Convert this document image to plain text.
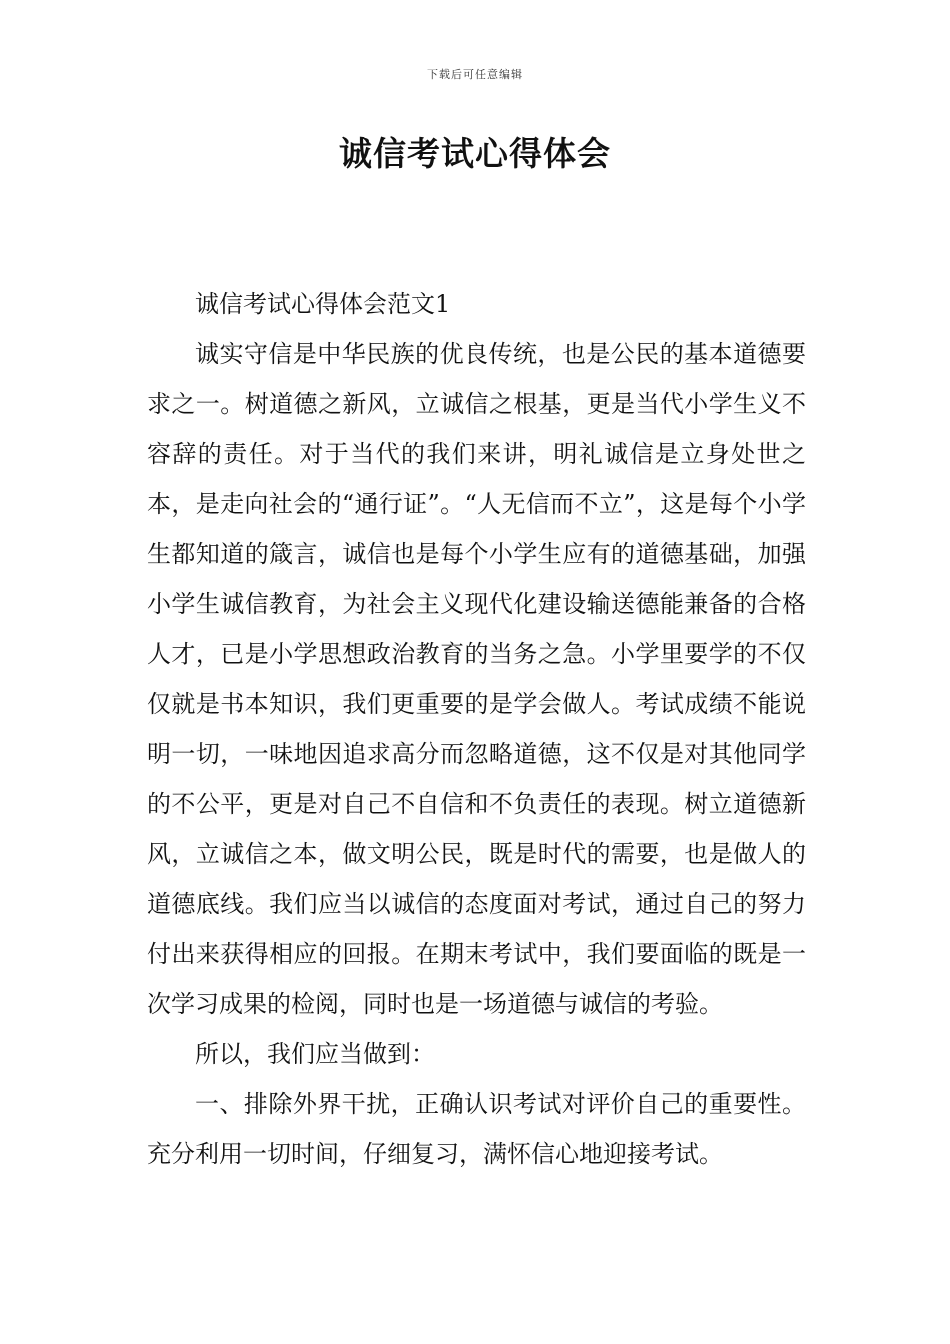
下载后可任意编辑
诚信考试心得体会

诚信考试心得体会范文1

诚实守信是中华民族的优良传统，也是公民的基本道德要求之一。树道德之新风，立诚信之根基，更是当代小学生义不容辞的责任。对于当代的我们来讲，明礼诚信是立身处世之本，是走向社会的“通行证”。“人无信而不立”，这是每个小学生都知道的箴言，诚信也是每个小学生应有的道德基础，加强小学生诚信教育，为社会主义现代化建设输送德能兼备的合格人才，已是小学思想政治教育的当务之急。小学里要学的不仅仅就是书本知识，我们更重要的是学会做人。考试成绩不能说明一切，一味地因追求高分而忽略道德，这不仅是对其他同学的不公平，更是对自己不自信和不负责任的表现。树立道德新风，立诚信之本，做文明公民，既是时代的需要，也是做人的道德底线。我们应当以诚信的态度面对考试，通过自己的努力付出来获得相应的回报。在期末考试中，我们要面临的既是一次学习成果的检阅，同时也是一场道德与诚信的考验。

所以，我们应当做到：

一、排除外界干扰，正确认识考试对评价自己的重要性。充分利用一切时间，仔细复习，满怀信心地迎接考试。
